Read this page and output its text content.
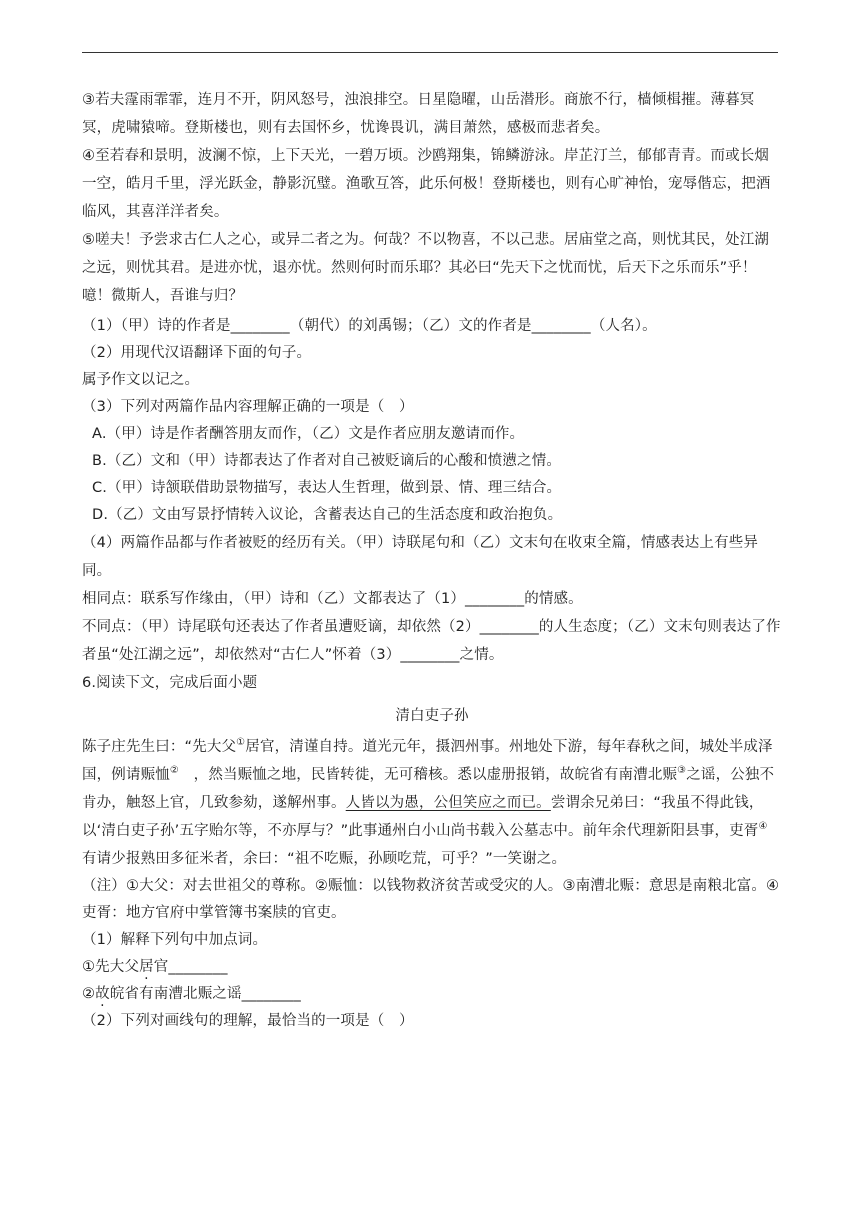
③若夫霪雨霏霏，连月不开，阴风怒号，浊浪排空。日星隐曜，山岳潜形。商旅不行，樯倾楫摧。薄暮冥冥，虎啸猿啼。登斯楼也，则有去国怀乡，忧谗畏讥，满目萧然，感极而悲者矣。

④至若春和景明，波澜不惊，上下天光，一碧万顷。沙鸥翔集，锦鳞游泳。岸芷汀兰，郁郁青青。而或长烟一空，皓月千里，浮光跃金，静影沉璧。渔歌互答，此乐何极！登斯楼也，则有心旷神怡，宠辱偕忘，把酒临风，其喜洋洋者矣。

⑤嗟夫！予尝求古仁人之心，或异二者之为。何哉？不以物喜，不以己悲。居庙堂之高，则忧其民，处江湖之远，则忧其君。是进亦忧，退亦忧。然则何时而乐耶？其必曰“先天下之忧而忧，后天下之乐而乐”乎！噫！微斯人，吾谁与归？

（1）（甲）诗的作者是________（朝代）的刘禹锡；（乙）文的作者是________（人名）。

（2）用现代汉语翻译下面的句子。

属予作文以记之。

（3）下列对两篇作品内容理解正确的一项是（　）

A.（甲）诗是作者酬答朋友而作，（乙）文是作者应朋友邀请而作。

B.（乙）文和（甲）诗都表达了作者对自己被贬谪后的心酸和愤懑之情。

C.（甲）诗颔联借助景物描写，表达人生哲理，做到景、情、理三结合。

D.（乙）文由写景抒情转入议论，含蓄表达自己的生活态度和政治抱负。

（4）两篇作品都与作者被贬的经历有关。（甲）诗联尾句和（乙）文末句在收束全篇，情感表达上有些异同。

相同点：联系写作缘由，（甲）诗和（乙）文都表达了（1）________的情感。

不同点：（甲）诗尾联句还表达了作者虽遭贬谪，却依然（2）________的人生态度；（乙）文末句则表达了作者虽“处江湖之远”，却依然对“古仁人”怀着（3）________之情。

6.阅读下文，完成后面小题

清白吏子孙

陈子庄先生曰：“先大父①居官，清谨自持。道光元年，摄泗州事。州地处下游，每年春秋之间，城处半成泽国，例请赈恤②　，然当赈恤之地，民皆转徙，无可稽核。悉以虚册报销，故皖省有南漕北赈③之谣，公独不肯办，触怒上官，几致参劾，遂解州事。人皆以为愚，公但笑应之而已。尝谓余兄弟曰：“我虽不得此钱，以‘清白吏子孙’五字贻尔等，不亦厚与？”此事通州白小山尚书载入公墓志中。前年余代理新阳县事，吏胥④有请少报熟田多征米者，余曰：“祖不吃赈，孙顾吃荒，可乎？”一笑谢之。

（注）①大父：对去世祖父的尊称。②赈恤：以钱物救济贫苦或受灾的人。③南漕北赈：意思是南粮北富。④吏胥：地方官府中掌管簿书案牍的官吏。

（1）解释下列句中加点词。

①先大父居官________

②故皖省有南漕北赈之谣________

（2）下列对画线句的理解，最恰当的一项是（　）
